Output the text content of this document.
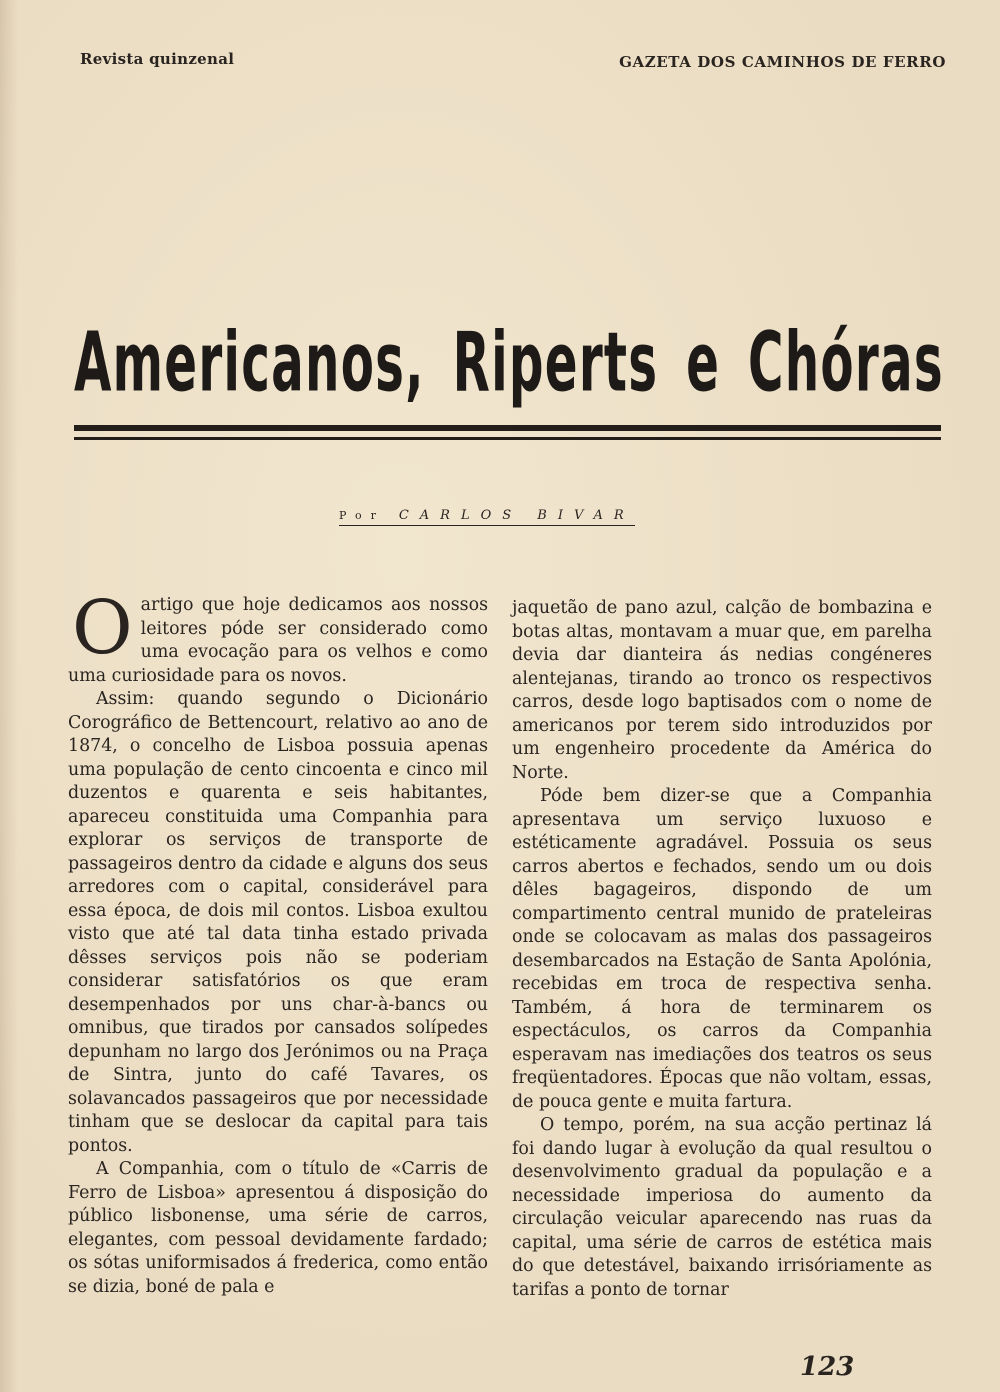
Revista quinzenal	GAZETA DOS CAMINHOS DE FERRO
Americanos, Riperts e Chóras
Por CARLOS BIVAR

Oartigo que hoje dedicamos aos nossos leitores póde ser considerado como uma evocação para os velhos e como uma curiosidade para os novos.

Assim: quando segundo o Dicionário Corográfico de Bettencourt, relativo ao ano de 1874, o concelho de Lisboa possuia apenas uma população de cento cincoenta e cinco mil duzentos e quarenta e seis habitantes, apareceu constituida uma Companhia para explorar os serviços de transporte de passageiros dentro da cidade e alguns dos seus arredores com o capital, considerável para essa época, de dois mil contos. Lisboa exultou visto que até tal data tinha estado privada dêsses serviços pois não se poderiam considerar satisfatórios os que eram desempenhados por uns char-à-bancs ou omnibus, que tirados por cansados solípedes depunham no largo dos Jerónimos ou na Praça de Sintra, junto do café Tavares, os solavancados passageiros que por necessidade tinham que se deslocar da capital para tais pontos.

A Companhia, com o título de «Carris de Ferro de Lisboa» apresentou á disposição do público lisbonense, uma série de carros, elegantes, com pessoal devidamente fardado; os sótas uniformisados á frederica, como então se dizia, boné de pala e

jaquetão de pano azul, calção de bombazina e botas altas, montavam a muar que, em parelha devia dar dianteira ás nedias congéneres alentejanas, tirando ao tronco os respectivos carros, desde logo baptisados com o nome de americanos por terem sido introduzidos por um engenheiro procedente da América do Norte.

Póde bem dizer-se que a Companhia apresentava um serviço luxuoso e estéticamente agradável. Possuia os seus carros abertos e fechados, sendo um ou dois dêles bagageiros, dispondo de um compartimento central munido de prateleiras onde se colocavam as malas dos passageiros desembarcados na Estação de Santa Apolónia, recebidas em troca de respectiva senha. Também, á hora de terminarem os espectáculos, os carros da Companhia esperavam nas imediações dos teatros os seus freqüentadores. Épocas que não voltam, essas, de pouca gente e muita fartura.

O tempo, porém, na sua acção pertinaz lá foi dando lugar à evolução da qual resultou o desenvolvimento gradual da população e a necessidade imperiosa do aumento da circulação veicular aparecendo nas ruas da capital, uma série de carros de estética mais do que detestável, baixando irrisóriamente as tarifas a ponto de tornar

123
